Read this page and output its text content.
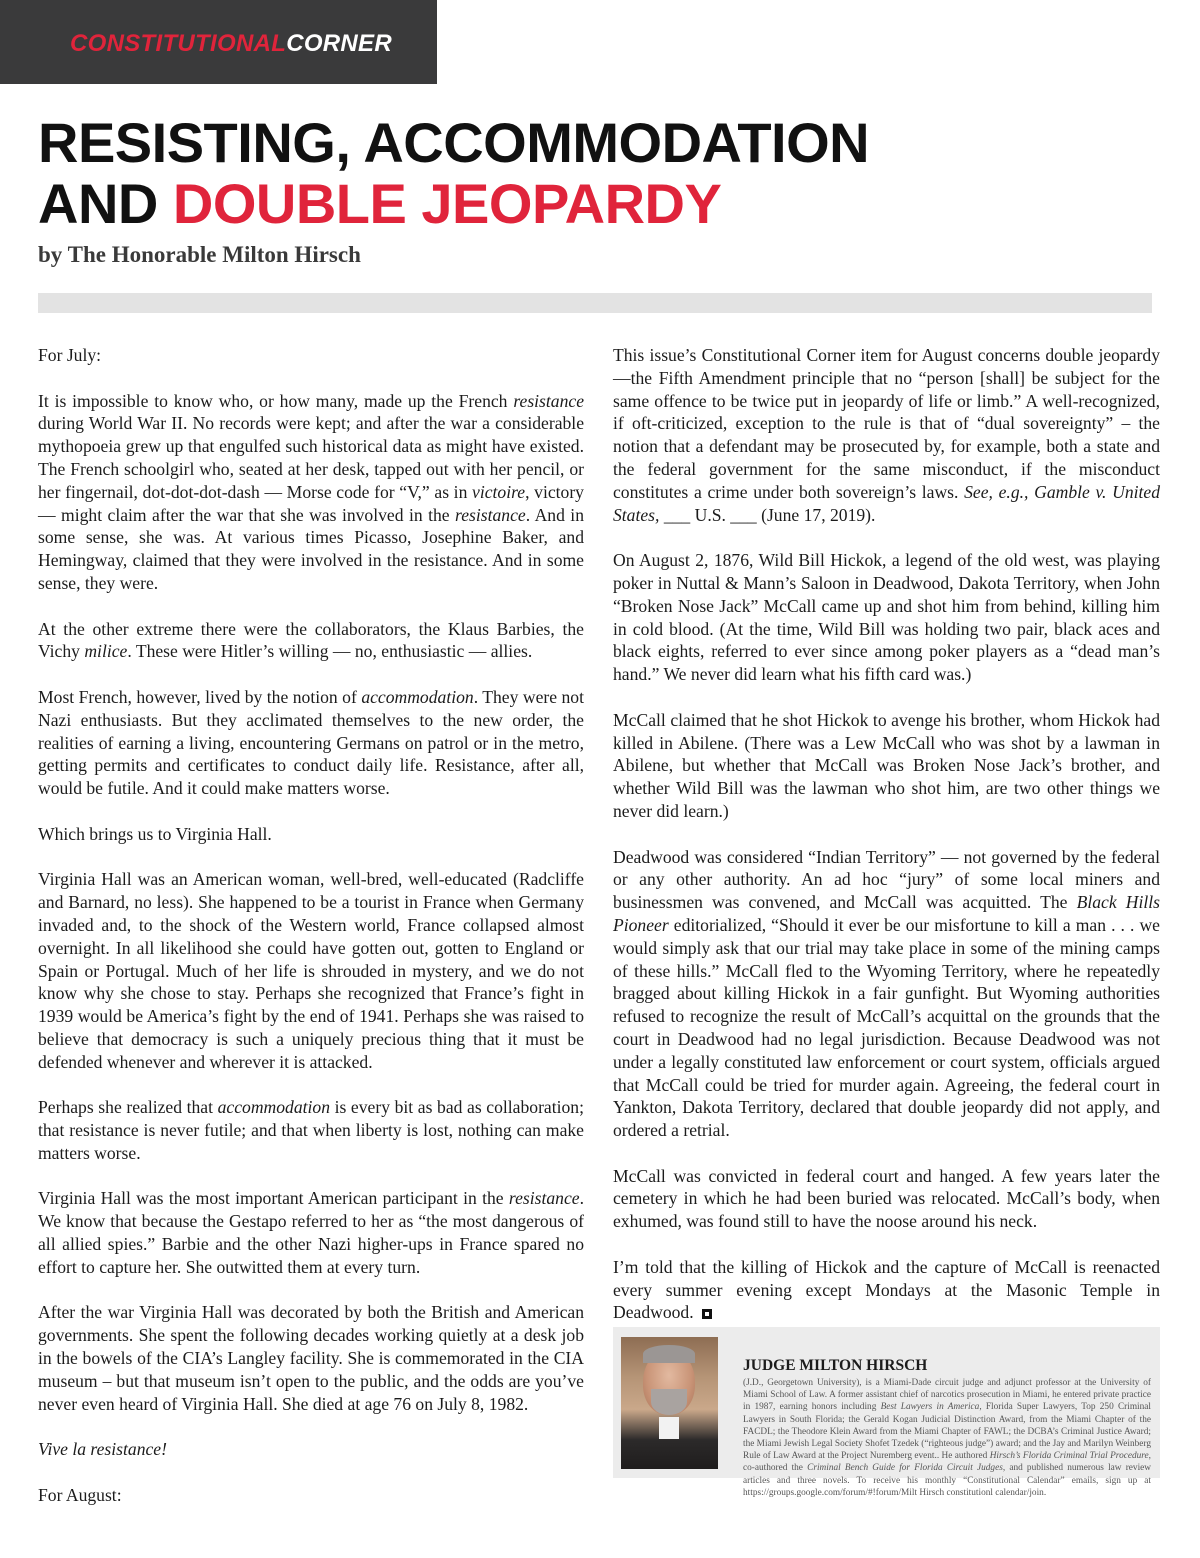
CONSTITUTIONALCORNER
RESISTING, ACCOMMODATION
AND DOUBLE JEOPARDY
by The Honorable Milton Hirsch

For July:

It is impossible to know who, or how many, made up the French resistance during World War II. No records were kept; and after the war a considerable mythopoeia grew up that engulfed such historical data as might have existed. The French schoolgirl who, seated at her desk, tapped out with her pencil, or her fingernail, dot-dot-dot-dash — Morse code for “V,” as in victoire, victory — might claim after the war that she was involved in the resistance. And in some sense, she was. At various times Picasso, Josephine Baker, and Hemingway, claimed that they were involved in the resistance. And in some sense, they were.

At the other extreme there were the collaborators, the Klaus Barbies, the Vichy milice. These were Hitler’s willing — no, enthusiastic — allies.

Most French, however, lived by the notion of accommodation. They were not Nazi enthusiasts. But they acclimated themselves to the new order, the realities of earning a living, encountering Germans on patrol or in the metro, getting permits and certificates to conduct daily life. Resistance, after all, would be futile. And it could make matters worse.

Which brings us to Virginia Hall.

Virginia Hall was an American woman, well-bred, well-educated (Radcliffe and Barnard, no less). She happened to be a tourist in France when Germany invaded and, to the shock of the Western world, France collapsed almost overnight. In all likelihood she could have gotten out, gotten to England or Spain or Portugal. Much of her life is shrouded in mystery, and we do not know why she chose to stay. Perhaps she recognized that France’s fight in 1939 would be America’s fight by the end of 1941. Perhaps she was raised to believe that democracy is such a uniquely precious thing that it must be defended whenever and wherever it is attacked.

Perhaps she realized that accommodation is every bit as bad as collaboration; that resistance is never futile; and that when liberty is lost, nothing can make matters worse.

Virginia Hall was the most important American participant in the resistance. We know that because the Gestapo referred to her as “the most dangerous of all allied spies.” Barbie and the other Nazi higher-ups in France spared no effort to capture her. She outwitted them at every turn.

After the war Virginia Hall was decorated by both the British and American governments. She spent the following decades working quietly at a desk job in the bowels of the CIA’s Langley facility. She is commemorated in the CIA museum – but that museum isn’t open to the public, and the odds are you’ve never even heard of Virginia Hall. She died at age 76 on July 8, 1982.

Vive la resistance!

For August:

This issue’s Constitutional Corner item for August concerns double jeopardy—the Fifth Amendment principle that no “person [shall] be subject for the same offence to be twice put in jeopardy of life or limb.” A well-recognized, if oft-criticized, exception to the rule is that of “dual sovereignty” – the notion that a defendant may be prosecuted by, for example, both a state and the federal government for the same misconduct, if the misconduct constitutes a crime under both sovereign’s laws. See, e.g., Gamble v. United States, ___ U.S. ___ (June 17, 2019).

On August 2, 1876, Wild Bill Hickok, a legend of the old west, was playing poker in Nuttal & Mann’s Saloon in Deadwood, Dakota Territory, when John “Broken Nose Jack” McCall came up and shot him from behind, killing him in cold blood. (At the time, Wild Bill was holding two pair, black aces and black eights, referred to ever since among poker players as a “dead man’s hand.” We never did learn what his fifth card was.)

McCall claimed that he shot Hickok to avenge his brother, whom Hickok had killed in Abilene. (There was a Lew McCall who was shot by a lawman in Abilene, but whether that McCall was Broken Nose Jack’s brother, and whether Wild Bill was the lawman who shot him, are two other things we never did learn.)

Deadwood was considered “Indian Territory” — not governed by the federal or any other authority. An ad hoc “jury” of some local miners and businessmen was convened, and McCall was acquitted. The Black Hills Pioneer editorialized, “Should it ever be our misfortune to kill a man . . . we would simply ask that our trial may take place in some of the mining camps of these hills.” McCall fled to the Wyoming Territory, where he repeatedly bragged about killing Hickok in a fair gunfight. But Wyoming authorities refused to recognize the result of McCall’s acquittal on the grounds that the court in Deadwood had no legal jurisdiction. Because Deadwood was not under a legally constituted law enforcement or court system, officials argued that McCall could be tried for murder again. Agreeing, the federal court in Yankton, Dakota Territory, declared that double jeopardy did not apply, and ordered a retrial.

McCall was convicted in federal court and hanged. A few years later the cemetery in which he had been buried was relocated. McCall’s body, when exhumed, was found still to have the noose around his neck.

I’m told that the killing of Hickok and the capture of McCall is reenacted every summer evening except Mondays at the Masonic Temple in Deadwood.

JUDGE MILTON HIRSCH

(J.D., Georgetown University), is a Miami-Dade circuit judge and adjunct professor at the University of Miami School of Law. A former assistant chief of narcotics prosecution in Miami, he entered private practice in 1987, earning honors including Best Lawyers in America, Florida Super Lawyers, Top 250 Criminal Lawyers in South Florida; the Gerald Kogan Judicial Distinction Award, from the Miami Chapter of the FACDL; the Theodore Klein Award from the Miami Chapter of FAWL; the DCBA’s Criminal Justice Award; the Miami Jewish Legal Society Shofet Tzedek (“righteous judge”) award; and the Jay and Marilyn Weinberg Rule of Law Award at the Project Nuremberg event.. He authored Hirsch’s Florida Criminal Trial Procedure, co-authored the Criminal Bench Guide for Florida Circuit Judges, and published numerous law review articles and three novels. To receive his monthly “Constitutional Calendar” emails, sign up at https://groups.google.com/forum/#!forum/Milt Hirsch constitutionl calendar/join.
